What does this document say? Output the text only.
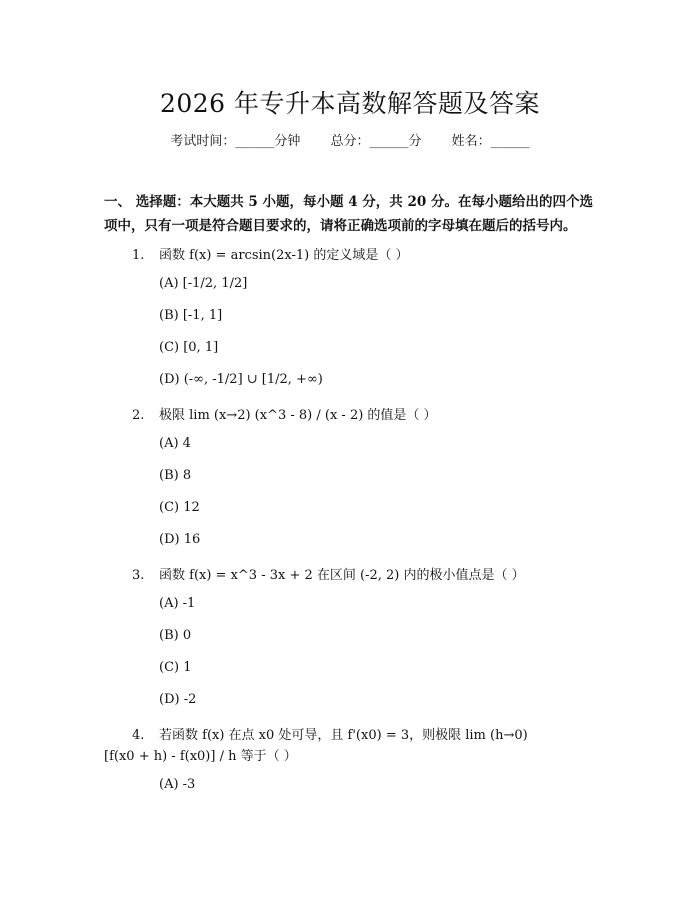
2026 年专升本高数解答题及答案
考试时间：______分钟 总分：______分 姓名：______
一、 选择题：本大题共 5 小题，每小题 4 分，共 20 分。在每小题给出的四个选项中，只有一项是符合题目要求的，请将正确选项前的字母填在题后的括号内。
1. 函数 f(x) = arcsin(2x-1) 的定义域是（ ）
(A) [-1/2, 1/2]
(B) [-1, 1]
(C) [0, 1]
(D) (-∞, -1/2] ∪ [1/2, +∞)
2. 极限 lim (x→2) (x^3 - 8) / (x - 2) 的值是（ ）
(A) 4
(B) 8
(C) 12
(D) 16
3. 函数 f(x) = x^3 - 3x + 2 在区间 (-2, 2) 内的极小值点是（ ）
(A) -1
(B) 0
(C) 1
(D) -2
4. 若函数 f(x) 在点 x0 处可导，且 f'(x0) = 3，则极限 lim (h→0)
[f(x0 + h) - f(x0)] / h 等于（ ）
(A) -3
